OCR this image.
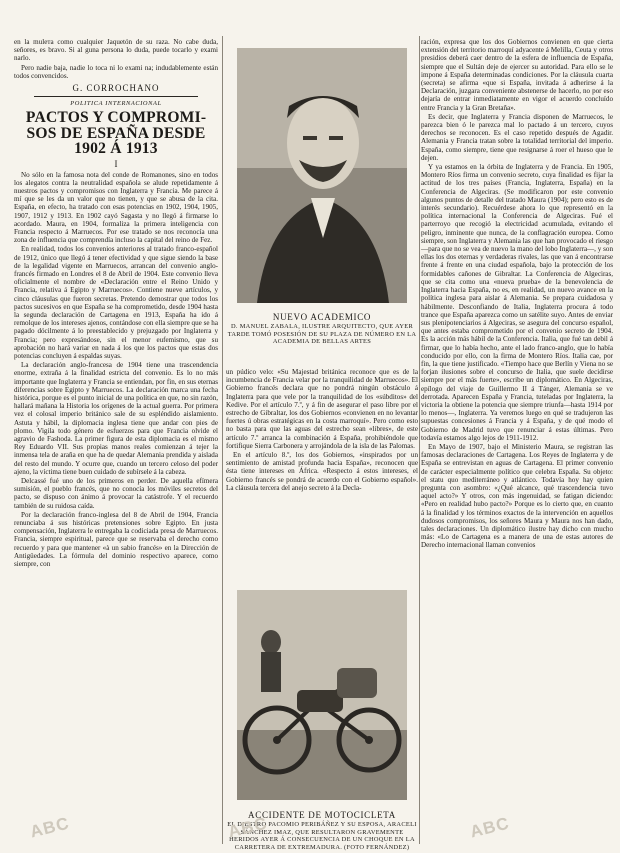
en la mulета como cualquier Jaquetón de su raza. No cabe duda, señores, es bravo. Si al guna persona lo duda, puede tocarlo y exami narlo.

Pero nadie baja, nadie lo toca ni lo exami na; indudablemente están todos convencidos.

G. CORROCHANO
POLITICA INTERNACIONAL
PACTOS Y COMPROMISOS DE ESPAÑA DESDE 1902 Á 1913
I

No sólo en la famosa nota del conde de Romanones, sino en todos los alegatos contra la neutralidad española se alude repetidamente á nuestros pactos y compromisos con Inglaterra y Francia. Me parece á mí que se les da un valor que no tienen, y que se abusa de la cita. España, en efecto, ha tratado con esas potencias en 1902, 1904, 1905, 1907, 1912 y 1913. En 1902 cayó Sagasta y no llegó á firmarse lo acordado. Maura, en 1904, formaliza la primera inteligencia con Francia respecto á Marruecos. Por ese tratado se nos reconocía una zona de influencia que comprendía incluso la capital del reino de Fez.

En realidad, todos los convenios anteriores al tratado franco-español de 1912, único que llegó á tener efectividad y que sigue siendo la base de la legalidad vigente en Marruecos, arrancan del convenio anglo-francés firmado en Londres el 8 de Abril de 1904. Este convenio lleva oficialmente el nombre de «Declaración entre el Reino Unido y Francia, relativa á Egipto y Marruecos». Contiene nueve artículos, y cinco cláusulas que fueron secretas. Pretendo demostrar que todos los pactos sucesivos en que España se ha comprometido, desde 1904 hasta la segunda declaración de Cartagena en 1913, España ha ido á remolque de los intereses ajenos, contándose con ella siempre que se ha pagado dócilmente á lo preestablecido y prejuzgado por Inglaterra y Francia; pero expresándose, sin el menor eufemismo, que su aprobación no hará variar en nada á los que los pactos que estas dos potencias concluyen á espaldas suyas.

La declaración anglo-francesa de 1904 tiene una trascendencia enorme, extraña á la finalidad estricta del convenio. Es lo no más importante que Inglaterra y Francia se entiendan, por fin, en sus eternas diferencias sobre Egipto y Marruecos. La declaración marca una fecha histórica, porque es el punto inicial de una política en que, no sin razón, hallará mañana la Historia los orígenes de la actual guerra. Por primera vez el colosal imperio británico sale de su espléndido aislamiento. Astuta y hábil, la diplomacia inglesa tiene que andar con pies de plomo. Vigila todo género de esfuerzos para que Francia olvide el agravio de Fashoda. La primer figura de esta diplomacia es el mismo Rey Eduardo VII. Sus propias manos reales comienzan á tejer la inmensa tela de araña en que ha de quedar Alemania prendida y aislada del resto del mundo. Y ocurre que, cuando un tercero celoso del poder ajeno, la víctima tiene buen cuidado de subírsele á la cabeza.

Delcassé fué uno de los primeros en perder. De aquella efímera sumisión, el pueblo francés, que no conocía los móviles secretos del pacto, se dispuso con ánimo á provocar la catástrofe. Y el recuerdo también de su ruidosa caída.

Por la declaración franco-inglesa del 8 de Abril de 1904, Francia renunciaba á sus históricas pretensiones sobre Egipto. En justa compensación, Inglaterra le entregaba la codiciada presa de Marruecos. Francia, siempre espiritual, parece que se reservaba el derecho como recuerdo y para que mantener «à un sabio francés» en la Dirección de Antigüedades. La fórmula del dominio respectivo aparece, como siempre, con

NUEVO ACADEMICO
D. MANUEL ZABALA, ILUSTRE ARQUITECTO, QUE AYER TARDE TOMÓ POSESIÓN DE SU PLAZA DE NÚMERO EN LA ACADEMIA DE BELLAS ARTES

un púdico velo: «Su Majestad británica reconoce que es de la incumbencia de Francia velar por la tranquilidad de Marruecos». El Gobierno francés declara que no pondrá ningún obstáculo á Inglaterra para que vele por la tranquilidad de los «súbditos» del Kedive. Por el artículo 7.º, y á fin de asegurar el paso libre por el estrecho de Gibraltar, los dos Gobiernos «convienen en no levantar fuertes ú obras estratégicas en la costa marroquí». Pero como esto no basta para que las aguas del estrecho sean «libres», de este artículo 7.º arranca la combinación á España, prohibiéndole que fortifique Sierra Carbonera y arrojándola de la isla de las Palomas.

En el artículo 8.º, los dos Gobiernos, «inspirados por un sentimiento de amistad profunda hacia España», reconocen que ésta tiene intereses en África. «Respecto á estos intereses, el Gobierno francés se pondrá de acuerdo con el Gobierno español». La cláusula tercera del anejo secreto á la Decla-

ACCIDENTE DE MOTOCICLETA
EL DIESTRO PACOMIO PERIBÁÑEZ Y SU ESPOSA, ARACELI SÁNCHEZ IMAZ, QUE RESULTARON GRAVEMENTE HERIDOS AYER Á CONSECUENCIA DE UN CHOQUE EN LA CARRETERA DE EXTREMADURA. (FOTO FERNÁNDEZ)

ración, expresa que los dos Gobiernos convienen en que cierta extensión del territorio marroquí adyacente á Melilla, Ceuta y otros presidios deberá caer dentro de la esfera de influencia de España, siempre que el Sultán deje de ejercer su autoridad. Para ello se le impone á España determinadas condiciones. Por la cláusula cuarta (secreta) se afirma «que si España, invitada á adherirse á la Declaración, juzgara conveniente abstenerse de hacerlo, no por eso dejaría de entrar inmediatamente en vigor el acuerdo concluído entre Francia y la Gran Bretaña».

Es decir, que Inglaterra y Francia disponen de Marruecos, le parezca bien ó le parezca mal lo pactado á un tercero, cuyos derechos se reconocen. Es el caso repetido después de Agadir. Alemania y Francia tratan sobre la totalidad territorial del imperio. España, como siempre, tiene que resignarse á roer el hueso que le dejen.

Y ya estamos en la órbita de Inglaterra y de Francia. En 1905, Montero Ríos firma un convenio secreto, cuya finalidad es fijar la actitud de los tres países (Francia, Inglaterra, España) en la Conferencia de Algeciras. (Se modificaron por este convenio algunos puntos de detalle del tratado Maura (1904); pero esto es de interés secundario). Recuérdese ahora lo que representó en la política internacional la Conferencia de Algeciras. Fué el parterroyo que recogió la electricidad acumulada, evitando el peligro, inminente que nunca, de la conflagración europea. Como siempre, son Inglaterra y Alemania las que han provocado el riesgo—para que no se vea de nuevo la mano del lobo Inglaterra—, y son ellas los dos eternas y verdaderas rivales, las que van á encontrarse frente á frente en una ciudad española, bajo la protección de los formidables cañones de Gibraltar. La Conferencia de Algeciras, que se cita como una «nueva prueba» de la benevolencia de Inglaterra hacia España, no es, en realidad, un nuevo avance en la política inglesa para aislar á Alemania. Se prepara cuidadosa y hábilmente. Desconfiando de Italia, Inglaterra procura á todo trance que España aparezca como un satélite suyo. Antes de enviar sus plenipotenciarios á Algeciras, se asegura del concurso español, que antes estaba comprometido por el convenio secreto de 1904. Es la acción más hábil de la Conferencia. Italia, que fué tan debil á firmar, que lo había hecho, ante el lado franco-anglo, que lo había conducido por ello, con la firma de Montero Ríos. Italia cae, por fin, la que tiene justificado. «Tiempo hace que Berlín y Viena no se forjan ilusiones sobre el concurso de Italia, que suele decidirse siempre por el más fuerte», escribe un diplomático. En Algeciras, epílogo del viaje de Guillermo II á Tánger, Alemania se ve derrotada. Aparecen España y Francia, tuteladas por Inglaterra, la victoria la obtiene la potencia que siempre triunfa—hasta 1914 por lo menos—, Inglaterra. Ya veremos luego en qué se tradujeron las supuestas concesiones á Francia y á España, y de qué modo el Gobierno de Madrid tuvo que renunciar á estas últimas. Pero todavía estamos algo lejos de 1911-1912.

En Mayo de 1907, bajo el Ministerio Maura, se registran las famosas declaraciones de Cartagena. Los Reyes de Inglaterra y de España se entrevistan en aguas de Cartagena. El primer convenio de carácter especialmente político que celebra España. Su objeto: el statu quo mediterráneo y atlántico. Todavía hoy hay quien pregunta con asombro: «¿Qué alcance, qué trascendencia tuvo aquel acto?» Y otros, con más ingenuidad, se fatigan diciendo: «Pero en realidad hubo pacto?» Porque es lo cierto que, en cuanto á la finalidad y los términos exactos de la intervención en aquellos dudosos compromisos, los señores Maura y Maura nos han dado, tales declaraciones. Un diplomático ilustre hay dicho con mucho más: «Lo de Cartagena es a manera de una de estas autores de Derecho internacional llaman convenios

ABC	ABC	ABC
